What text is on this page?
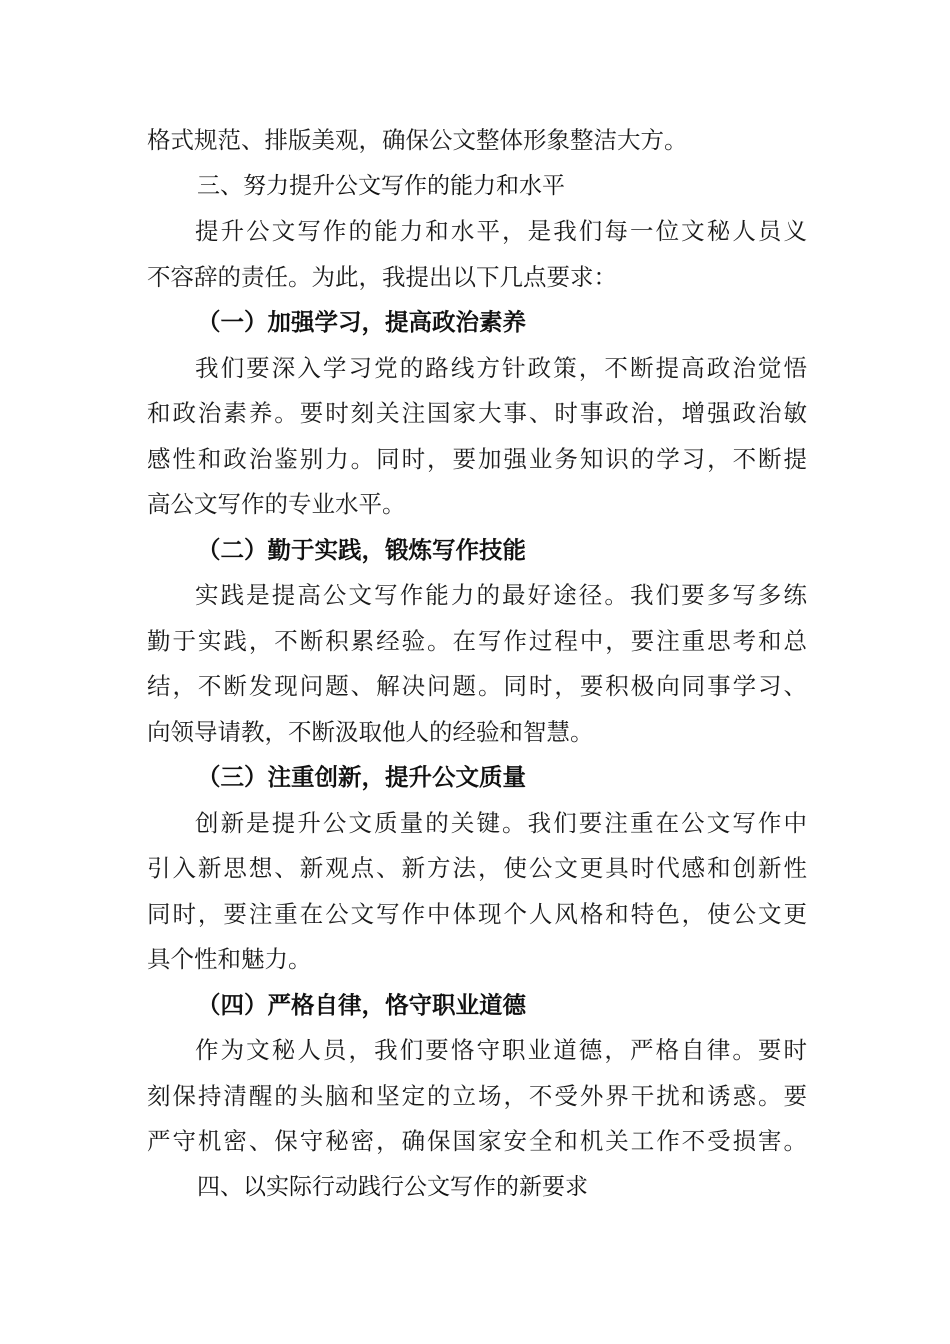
格式规范、排版美观，确保公文整体形象整洁大方。
三、努力提升公文写作的能力和水平
提升公文写作的能力和水平，是我们每一位文秘人员义
不容辞的责任。为此，我提出以下几点要求：
（一）加强学习，提高政治素养
我们要深入学习党的路线方针政策，不断提高政治觉悟
和政治素养。要时刻关注国家大事、时事政治，增强政治敏
感性和政治鉴别力。同时，要加强业务知识的学习，不断提
高公文写作的专业水平。
（二）勤于实践，锻炼写作技能
实践是提高公文写作能力的最好途径。我们要多写多练
勤于实践，不断积累经验。在写作过程中，要注重思考和总
结，不断发现问题、解决问题。同时，要积极向同事学习、
向领导请教，不断汲取他人的经验和智慧。
（三）注重创新，提升公文质量
创新是提升公文质量的关键。我们要注重在公文写作中
引入新思想、新观点、新方法，使公文更具时代感和创新性
同时，要注重在公文写作中体现个人风格和特色，使公文更
具个性和魅力。
（四）严格自律，恪守职业道德
作为文秘人员，我们要恪守职业道德，严格自律。要时
刻保持清醒的头脑和坚定的立场，不受外界干扰和诱惑。要
严守机密、保守秘密，确保国家安全和机关工作不受损害。
四、以实际行动践行公文写作的新要求
